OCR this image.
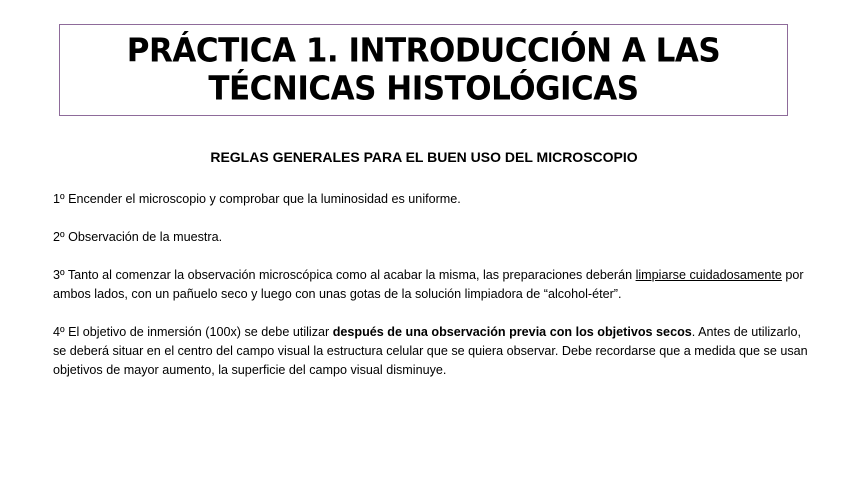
PRÁCTICA 1. INTRODUCCIÓN A LAS
TÉCNICAS HISTOLÓGICAS
REGLAS GENERALES PARA EL BUEN USO DEL MICROSCOPIO

1º Encender el microscopio y comprobar que la luminosidad es uniforme.

2º Observación de la muestra.

3º Tanto al comenzar la observación microscópica como al acabar la misma, las preparaciones deberán limpiarse cuidadosamente por ambos lados, con un pañuelo seco y luego con unas gotas de la solución limpiadora de “alcohol-éter”.

4º El objetivo de inmersión (100x) se debe utilizar después de una observación previa con los objetivos secos. Antes de utilizarlo, se deberá situar en el centro del campo visual la estructura celular que se quiera observar. Debe recordarse que a medida que se usan objetivos de mayor aumento, la superficie del campo visual disminuye.
